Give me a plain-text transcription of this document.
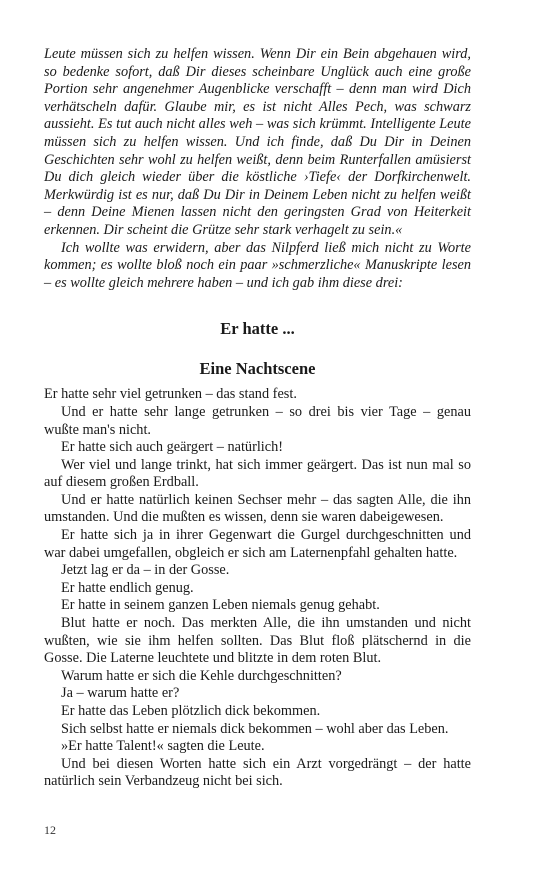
Leute müssen sich zu helfen wissen. Wenn Dir ein Bein abgehauen wird, so bedenke sofort, daß Dir dieses scheinbare Unglück auch eine große Portion sehr angenehmer Augenblicke verschafft – denn man wird Dich verhätscheln dafür. Glaube mir, es ist nicht Alles Pech, was schwarz aussieht. Es tut auch nicht alles weh – was sich krümmt. Intelligente Leute müssen sich zu helfen wissen. Und ich finde, daß Du Dir in Deinen Geschichten sehr wohl zu helfen weißt, denn beim Runterfallen amüsierst Du dich gleich wieder über die köstliche ›Tiefe‹ der Dorfkirchenwelt. Merkwürdig ist es nur, daß Du Dir in Deinem Leben nicht zu helfen weißt – denn Deine Mienen lassen nicht den geringsten Grad von Heiterkeit erkennen. Dir scheint die Grütze sehr stark verhagelt zu sein.«

Ich wollte was erwidern, aber das Nilpferd ließ mich nicht zu Worte kommen; es wollte bloß noch ein paar »schmerzliche« Manuskripte lesen – es wollte gleich mehrere haben – und ich gab ihm diese drei:

Er hatte ...
Eine Nachtscene

Er hatte sehr viel getrunken – das stand fest.

Und er hatte sehr lange getrunken – so drei bis vier Tage – genau wußte man's nicht.

Er hatte sich auch geärgert – natürlich!

Wer viel und lange trinkt, hat sich immer geärgert. Das ist nun mal so auf diesem großen Erdball.

Und er hatte natürlich keinen Sechser mehr – das sagten Alle, die ihn umstanden. Und die mußten es wissen, denn sie waren dabeigewesen.

Er hatte sich ja in ihrer Gegenwart die Gurgel durchgeschnitten und war dabei umgefallen, obgleich er sich am Laternenpfahl gehalten hatte.

Jetzt lag er da – in der Gosse.

Er hatte endlich genug.

Er hatte in seinem ganzen Leben niemals genug gehabt.

Blut hatte er noch. Das merkten Alle, die ihn umstanden und nicht wußten, wie sie ihm helfen sollten. Das Blut floß plätschernd in die Gosse. Die Laterne leuchtete und blitzte in dem roten Blut.

Warum hatte er sich die Kehle durchgeschnitten?

Ja – warum hatte er?

Er hatte das Leben plötzlich dick bekommen.

Sich selbst hatte er niemals dick bekommen – wohl aber das Leben.

»Er hatte Talent!« sagten die Leute.

Und bei diesen Worten hatte sich ein Arzt vorgedrängt – der hatte natürlich sein Verbandzeug nicht bei sich.

12
